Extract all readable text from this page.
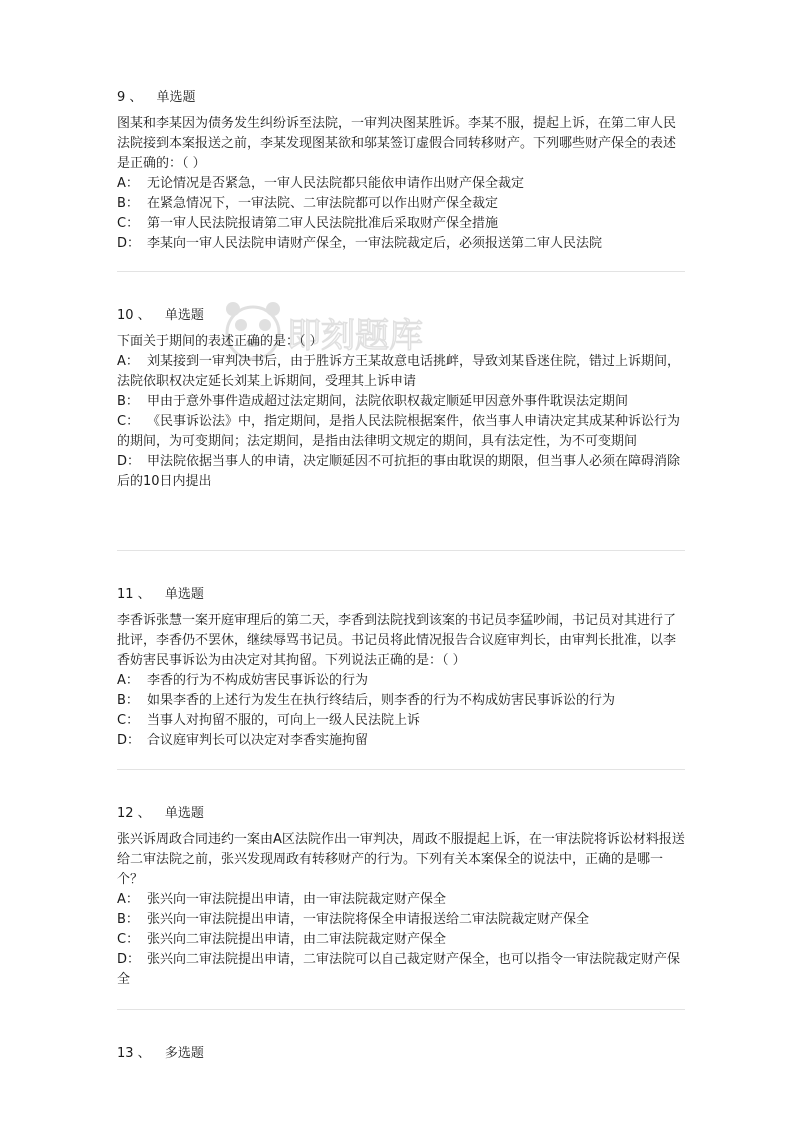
即刻题库
9 、 单选题

图某和李某因为债务发生纠纷诉至法院，一审判决图某胜诉。李某不服，提起上诉，在第二审人民法院接到本案报送之前，李某发现图某欲和邬某签订虚假合同转移财产。下列哪些财产保全的表述是正确的：（ ）

A： 无论情况是否紧急，一审人民法院都只能依申请作出财产保全裁定

B： 在紧急情况下，一审法院、二审法院都可以作出财产保全裁定

C： 第一审人民法院报请第二审人民法院批准后采取财产保全措施

D： 李某向一审人民法院申请财产保全，一审法院裁定后，必须报送第二审人民法院

10 、 单选题

下面关于期间的表述正确的是：（ ）

A： 刘某接到一审判决书后，由于胜诉方王某故意电话挑衅，导致刘某昏迷住院，错过上诉期间，法院依职权决定延长刘某上诉期间，受理其上诉申请

B： 甲由于意外事件造成超过法定期间，法院依职权裁定顺延甲因意外事件耽误法定期间

C： 《民事诉讼法》中，指定期间，是指人民法院根据案件，依当事人申请决定其成某种诉讼行为的期间，为可变期间；法定期间，是指由法律明文规定的期间，具有法定性，为不可变期间

D： 甲法院依据当事人的申请，决定顺延因不可抗拒的事由耽误的期限，但当事人必须在障碍消除后的10日内提出

11 、 单选题

李香诉张慧一案开庭审理后的第二天，李香到法院找到该案的书记员李猛吵闹，书记员对其进行了批评，李香仍不罢休，继续辱骂书记员。书记员将此情况报告合议庭审判长，由审判长批准，以李香妨害民事诉讼为由决定对其拘留。下列说法正确的是：（ ）

A： 李香的行为不构成妨害民事诉讼的行为

B： 如果李香的上述行为发生在执行终结后，则李香的行为不构成妨害民事诉讼的行为

C： 当事人对拘留不服的，可向上一级人民法院上诉

D： 合议庭审判长可以决定对李香实施拘留

12 、 单选题

张兴诉周政合同违约一案由A区法院作出一审判决，周政不服提起上诉，在一审法院将诉讼材料报送给二审法院之前，张兴发现周政有转移财产的行为。下列有关本案保全的说法中，正确的是哪一个？

A： 张兴向一审法院提出申请，由一审法院裁定财产保全

B： 张兴向一审法院提出申请，一审法院将保全申请报送给二审法院裁定财产保全

C： 张兴向二审法院提出申请，由二审法院裁定财产保全

D： 张兴向二审法院提出申请，二审法院可以自己裁定财产保全，也可以指令一审法院裁定财产保全

13 、 多选题
